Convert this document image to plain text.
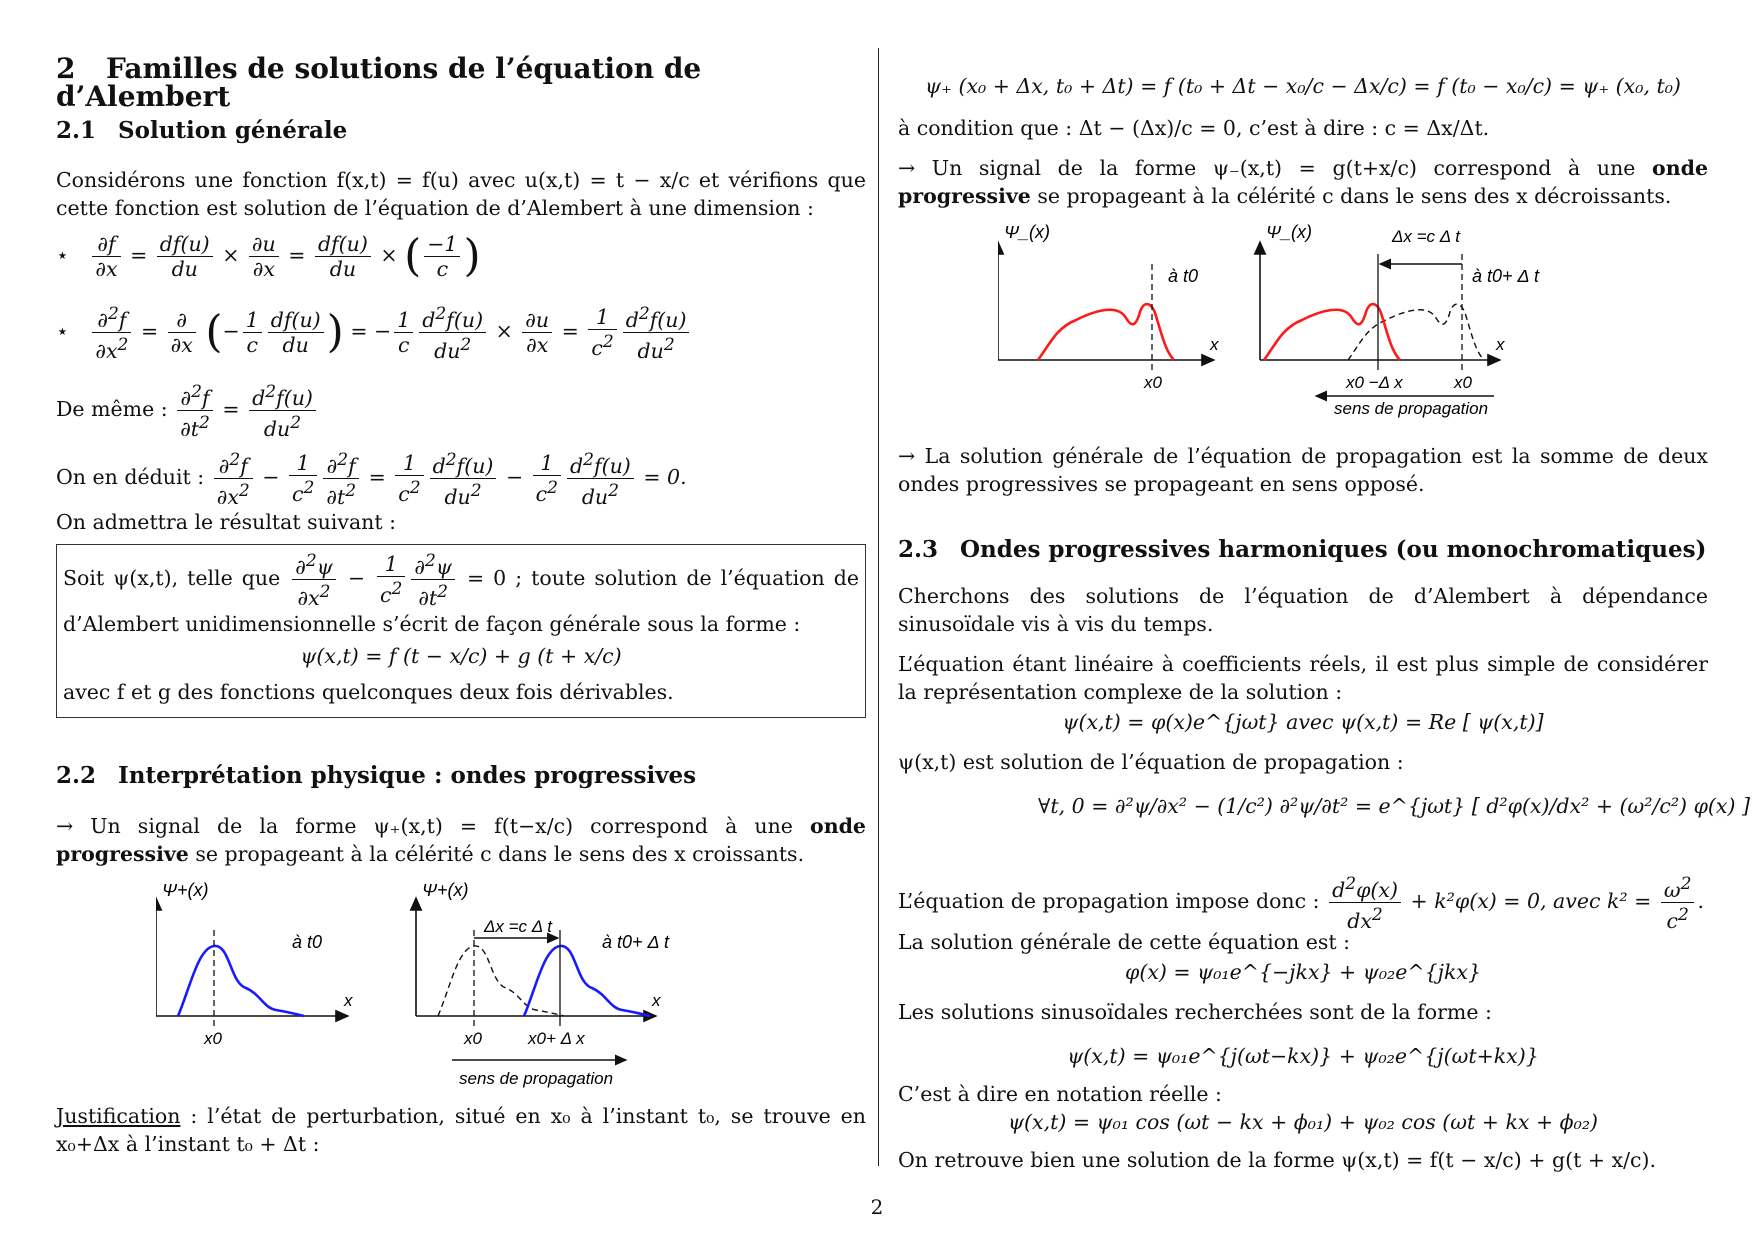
2 Familles de solutions de l’équation de d’Alembert
2.1 Solution générale
Considérons une fonction f(x,t) = f(u) avec u(x,t) = t − x/c et vérifions que cette fonction est solution de l’équation de d’Alembert à une dimension :
⋆ $\frac{\partial f}{\partial x} = \frac{df(u)}{du} \times \frac{\partial u}{\partial x} = \frac{df(u)}{du}$ × ( $\frac{-1}{c}$ )
⋆ $\frac{\partial^2f}{\partial x^2} = \frac{\partial}{\partial x}$ (− $\frac{1}{c} \frac{df(u)}{du}$ ) = − $\frac{1}{c} \frac{d^2f(u)}{du^2} \times \frac{\partial u}{\partial x} = \frac{1}{c^2} \frac{d^2f(u)}{du^2}$
De même : $\frac{\partial^2f}{\partial t^2} = \frac{d^2f(u)}{du^2}$
On en déduit : $\frac{\partial^2f}{\partial x^2} - \frac{1}{c^2} \frac{\partial^2f}{\partial t^2} = \frac{1}{c^2} \frac{d^2f(u)}{du^2} - \frac{1}{c^2} \frac{d^2f(u)}{du^2} = 0$.
On admettra le résultat suivant :
Soit ψ(x,t), telle que $\frac{\partial^2\psi}{\partial x^2} - \frac{1}{c^2} \frac{\partial^2\psi}{\partial t^2} = 0$ ; toute solution de l’équation de d’Alembert unidimensionnelle s’écrit de façon générale sous la forme :
ψ(x,t) = f (t − x/c) + g (t + x/c)
avec f et g des fonctions quelconques deux fois dérivables.
2.2 Interprétation physique : ondes progressives
→ Un signal de la forme ψ₊(x,t) = f(t−x/c) correspond à une onde progressive se propageant à la célérité c dans le sens des x croissants.
Ψ+(x)
x
x0
à t0
Δx =c Δ t
Ψ+(x)
x
x0	x0+ Δ x
à t0+ Δ t
sens de propagation
Justification : l’état de perturbation, situé en x₀ à l’instant t₀, se trouve en x₀+Δx à l’instant t₀ + Δt :
ψ₊ (x₀ + Δx, t₀ + Δt) = f (t₀ + Δt − x₀/c − Δx/c) = f (t₀ − x₀/c) = ψ₊ (x₀, t₀)
à condition que : Δt − (Δx)/c = 0, c’est à dire : c = Δx/Δt.
→ Un signal de la forme ψ₋(x,t) = g(t+x/c) correspond à une onde progressive se propageant à la célérité c dans le sens des x décroissants.
Ψ_(x)
x
x0
à t0
Δx =c Δ t
Ψ_(x)
x
x0
x0 −Δ x
à t0+ Δ t
sens de propagation
→ La solution générale de l’équation de propagation est la somme de deux ondes progressives se propageant en sens opposé.
2.3 Ondes progressives harmoniques (ou monochromatiques)
Cherchons des solutions de l’équation de d’Alembert à dépendance sinusoïdale vis à vis du temps.
L’équation étant linéaire à coefficients réels, il est plus simple de considérer la représentation complexe de la solution :
ψ(x,t) = φ(x)e^{jωt} avec ψ(x,t) = Re [ ψ(x,t)]
ψ(x,t) est solution de l’équation de propagation :
∀t, 0 = ∂²ψ/∂x² − (1/c²) ∂²ψ/∂t² = e^{jωt} [ d²φ(x)/dx² + (ω²/c²) φ(x) ]
L’équation de propagation impose donc : $\frac{d^2\varphi(x)}{dx^2} + k^2\varphi(x) = 0$, avec $k^2 = \frac{\omega^2}{c^2}$ .
La solution générale de cette équation est :
φ(x) = ψ₀₁e^{−jkx} + ψ₀₂e^{jkx}
Les solutions sinusoïdales recherchées sont de la forme :
ψ(x,t) = ψ₀₁e^{j(ωt−kx)} + ψ₀₂e^{j(ωt+kx)}
C’est à dire en notation réelle :
ψ(x,t) = ψ₀₁ cos (ωt − kx + ϕ₀₁) + ψ₀₂ cos (ωt + kx + ϕ₀₂)
On retrouve bien une solution de la forme ψ(x,t) = f(t − x/c) + g(t + x/c).
2
